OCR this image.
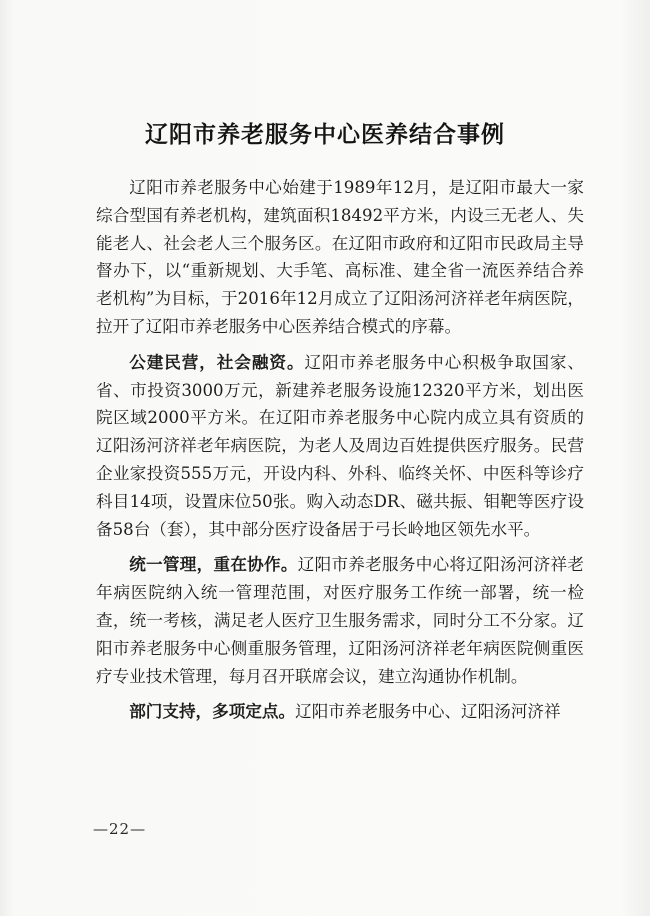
辽阳市养老服务中心医养结合事例

辽阳市养老服务中心始建于1989年12月，是辽阳市最大一家综合型国有养老机构，建筑面积18492平方米，内设三无老人、失能老人、社会老人三个服务区。在辽阳市政府和辽阳市民政局主导督办下，以“重新规划、大手笔、高标准、建全省一流医养结合养老机构”为目标，于2016年12月成立了辽阳汤河济祥老年病医院，拉开了辽阳市养老服务中心医养结合模式的序幕。

公建民营，社会融资。辽阳市养老服务中心积极争取国家、省、市投资3000万元，新建养老服务设施12320平方米，划出医院区域2000平方米。在辽阳市养老服务中心院内成立具有资质的辽阳汤河济祥老年病医院，为老人及周边百姓提供医疗服务。民营企业家投资555万元，开设内科、外科、临终关怀、中医科等诊疗科目14项，设置床位50张。购入动态DR、磁共振、钼靶等医疗设备58台（套），其中部分医疗设备居于弓长岭地区领先水平。

统一管理，重在协作。辽阳市养老服务中心将辽阳汤河济祥老年病医院纳入统一管理范围，对医疗服务工作统一部署，统一检查，统一考核，满足老人医疗卫生服务需求，同时分工不分家。辽阳市养老服务中心侧重服务管理，辽阳汤河济祥老年病医院侧重医疗专业技术管理，每月召开联席会议，建立沟通协作机制。

部门支持，多项定点。辽阳市养老服务中心、辽阳汤河济祥

—22—
